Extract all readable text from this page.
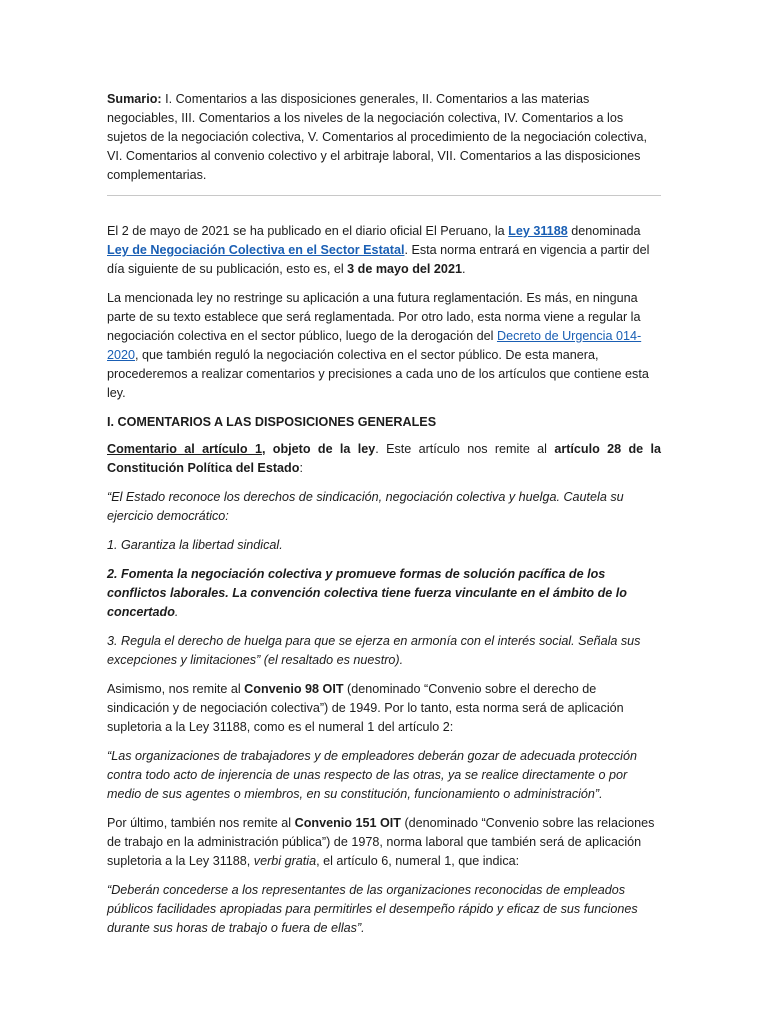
Sumario: I. Comentarios a las disposiciones generales, II. Comentarios a las materias negociables, III. Comentarios a los niveles de la negociación colectiva, IV. Comentarios a los sujetos de la negociación colectiva, V. Comentarios al procedimiento de la negociación colectiva, VI. Comentarios al convenio colectivo y el arbitraje laboral, VII. Comentarios a las disposiciones complementarias.

El 2 de mayo de 2021 se ha publicado en el diario oficial El Peruano, la Ley 31188 denominada Ley de Negociación Colectiva en el Sector Estatal. Esta norma entrará en vigencia a partir del día siguiente de su publicación, esto es, el 3 de mayo del 2021.

La mencionada ley no restringe su aplicación a una futura reglamentación. Es más, en ninguna parte de su texto establece que será reglamentada. Por otro lado, esta norma viene a regular la negociación colectiva en el sector público, luego de la derogación del Decreto de Urgencia 014-2020, que también reguló la negociación colectiva en el sector público. De esta manera, procederemos a realizar comentarios y precisiones a cada uno de los artículos que contiene esta ley.

I. COMENTARIOS A LAS DISPOSICIONES GENERALES

Comentario al artículo 1, objeto de la ley. Este artículo nos remite al artículo 28 de la Constitución Política del Estado:

“El Estado reconoce los derechos de sindicación, negociación colectiva y huelga. Cautela su ejercicio democrático:

1. Garantiza la libertad sindical.

2. Fomenta la negociación colectiva y promueve formas de solución pacífica de los conflictos laborales. La convención colectiva tiene fuerza vinculante en el ámbito de lo concertado.

3. Regula el derecho de huelga para que se ejerza en armonía con el interés social. Señala sus excepciones y limitaciones” (el resaltado es nuestro).

Asimismo, nos remite al Convenio 98 OIT (denominado “Convenio sobre el derecho de sindicación y de negociación colectiva”) de 1949. Por lo tanto, esta norma será de aplicación supletoria a la Ley 31188, como es el numeral 1 del artículo 2:

“Las organizaciones de trabajadores y de empleadores deberán gozar de adecuada protección contra todo acto de injerencia de unas respecto de las otras, ya se realice directamente o por medio de sus agentes o miembros, en su constitución, funcionamiento o administración”.

Por último, también nos remite al Convenio 151 OIT (denominado “Convenio sobre las relaciones de trabajo en la administración pública”) de 1978, norma laboral que también será de aplicación supletoria a la Ley 31188, verbi gratia, el artículo 6, numeral 1, que indica:

“Deberán concederse a los representantes de las organizaciones reconocidas de empleados públicos facilidades apropiadas para permitirles el desempeño rápido y eficaz de sus funciones durante sus horas de trabajo o fuera de ellas”.
